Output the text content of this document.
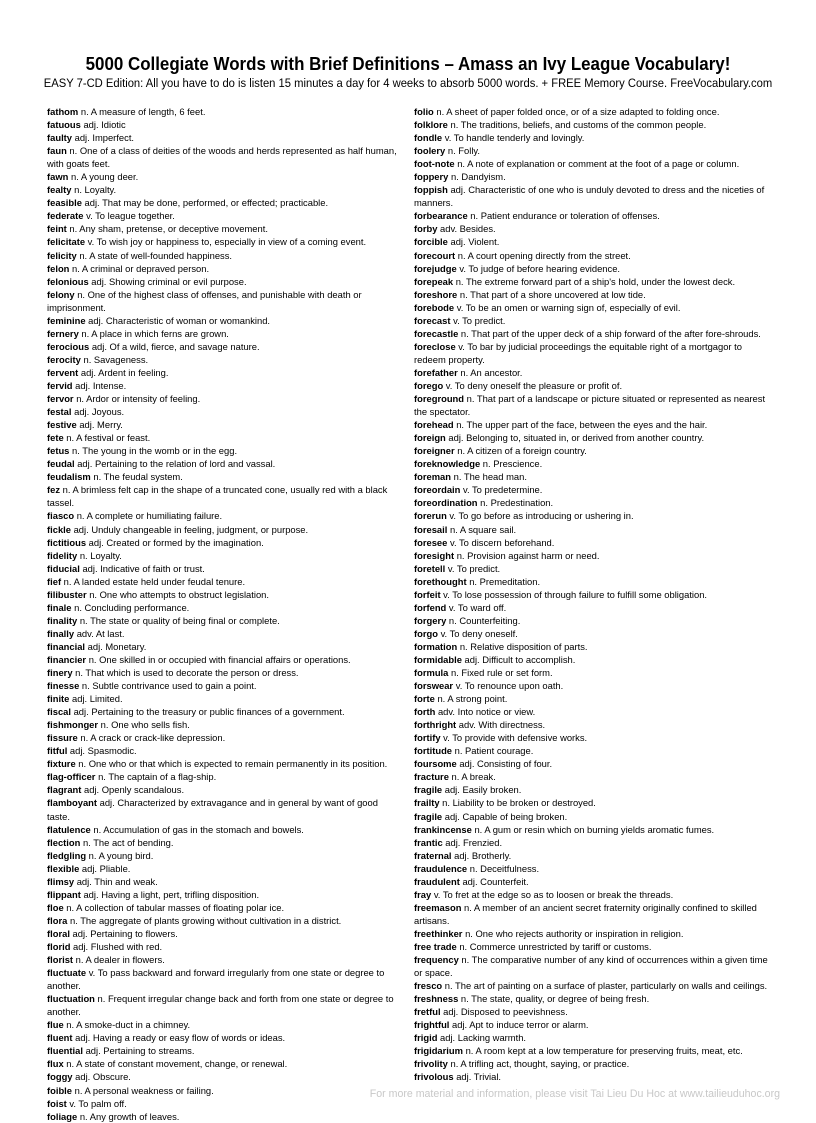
5000 Collegiate Words with Brief Definitions – Amass an Ivy League Vocabulary!
EASY 7-CD Edition: All you have to do is listen 15 minutes a day for 4 weeks to absorb 5000 words. + FREE Memory Course. FreeVocabulary.com
fathom n. A measure of length, 6 feet.
fatuous adj. Idiotic
faulty adj. Imperfect.
faun n. One of a class of deities of the woods and herds represented as half human, with goats feet.
fawn n. A young deer.
fealty n. Loyalty.
feasible adj. That may be done, performed, or effected; practicable.
federate v. To league together.
feint n. Any sham, pretense, or deceptive movement.
felicitate v. To wish joy or happiness to, especially in view of a coming event.
felicity n. A state of well-founded happiness.
felon n. A criminal or depraved person.
felonious adj. Showing criminal or evil purpose.
felony n. One of the highest class of offenses, and punishable with death or imprisonment.
feminine adj. Characteristic of woman or womankind.
fernery n. A place in which ferns are grown.
ferocious adj. Of a wild, fierce, and savage nature.
ferocity n. Savageness.
fervent adj. Ardent in feeling.
fervid adj. Intense.
fervor n. Ardor or intensity of feeling.
festal adj. Joyous.
festive adj. Merry.
fete n. A festival or feast.
fetus n. The young in the womb or in the egg.
feudal adj. Pertaining to the relation of lord and vassal.
feudalism n. The feudal system.
fez n. A brimless felt cap in the shape of a truncated cone, usually red with a black tassel.
fiasco n. A complete or humiliating failure.
fickle adj. Unduly changeable in feeling, judgment, or purpose.
fictitious adj. Created or formed by the imagination.
fidelity n. Loyalty.
fiducial adj. Indicative of faith or trust.
fief n. A landed estate held under feudal tenure.
filibuster n. One who attempts to obstruct legislation.
finale n. Concluding performance.
finality n. The state or quality of being final or complete.
finally adv. At last.
financial adj. Monetary.
financier n. One skilled in or occupied with financial affairs or operations.
finery n. That which is used to decorate the person or dress.
finesse n. Subtle contrivance used to gain a point.
finite adj. Limited.
fiscal adj. Pertaining to the treasury or public finances of a government.
fishmonger n. One who sells fish.
fissure n. A crack or crack-like depression.
fitful adj. Spasmodic.
fixture n. One who or that which is expected to remain permanently in its position.
flag-officer n. The captain of a flag-ship.
flagrant adj. Openly scandalous.
flamboyant adj. Characterized by extravagance and in general by want of good taste.
flatulence n. Accumulation of gas in the stomach and bowels.
flection n. The act of bending.
fledgling n. A young bird.
flexible adj. Pliable.
flimsy adj. Thin and weak.
flippant adj. Having a light, pert, trifling disposition.
floe n. A collection of tabular masses of floating polar ice.
flora n. The aggregate of plants growing without cultivation in a district.
floral adj. Pertaining to flowers.
florid adj. Flushed with red.
florist n. A dealer in flowers.
fluctuate v. To pass backward and forward irregularly from one state or degree to another.
fluctuation n. Frequent irregular change back and forth from one state or degree to another.
flue n. A smoke-duct in a chimney.
fluent adj. Having a ready or easy flow of words or ideas.
fluential adj. Pertaining to streams.
flux n. A state of constant movement, change, or renewal.
foggy adj. Obscure.
foible n. A personal weakness or failing.
foist v. To palm off.
foliage n. Any growth of leaves.
folio n. A sheet of paper folded once, or of a size adapted to folding once.
folklore n. The traditions, beliefs, and customs of the common people.
fondle v. To handle tenderly and lovingly.
foolery n. Folly.
foot-note n. A note of explanation or comment at the foot of a page or column.
foppery n. Dandyism.
foppish adj. Characteristic of one who is unduly devoted to dress and the niceties of manners.
forbearance n. Patient endurance or toleration of offenses.
forby adv. Besides.
forcible adj. Violent.
forecourt n. A court opening directly from the street.
forejudge v. To judge of before hearing evidence.
forepeak n. The extreme forward part of a ship's hold, under the lowest deck.
foreshore n. That part of a shore uncovered at low tide.
forebode v. To be an omen or warning sign of, especially of evil.
forecast v. To predict.
forecastle n. That part of the upper deck of a ship forward of the after fore-shrouds.
foreclose v. To bar by judicial proceedings the equitable right of a mortgagor to redeem property.
forefather n. An ancestor.
forego v. To deny oneself the pleasure or profit of.
foreground n. That part of a landscape or picture situated or represented as nearest the spectator.
forehead n. The upper part of the face, between the eyes and the hair.
foreign adj. Belonging to, situated in, or derived from another country.
foreigner n. A citizen of a foreign country.
foreknowledge n. Prescience.
foreman n. The head man.
foreordain v. To predetermine.
foreordination n. Predestination.
forerun v. To go before as introducing or ushering in.
foresail n. A square sail.
foresee v. To discern beforehand.
foresight n. Provision against harm or need.
foretell v. To predict.
forethought n. Premeditation.
forfeit v. To lose possession of through failure to fulfill some obligation.
forfend v. To ward off.
forgery n. Counterfeiting.
forgo v. To deny oneself.
formation n. Relative disposition of parts.
formidable adj. Difficult to accomplish.
formula n. Fixed rule or set form.
forswear v. To renounce upon oath.
forte n. A strong point.
forth adv. Into notice or view.
forthright adv. With directness.
fortify v. To provide with defensive works.
fortitude n. Patient courage.
foursome adj. Consisting of four.
fracture n. A break.
fragile adj. Easily broken.
frailty n. Liability to be broken or destroyed.
fragile adj. Capable of being broken.
frankincense n. A gum or resin which on burning yields aromatic fumes.
frantic adj. Frenzied.
fraternal adj. Brotherly.
fraudulence n. Deceitfulness.
fraudulent adj. Counterfeit.
fray v. To fret at the edge so as to loosen or break the threads.
freemason n. A member of an ancient secret fraternity originally confined to skilled artisans.
freethinker n. One who rejects authority or inspiration in religion.
free trade n. Commerce unrestricted by tariff or customs.
frequency n. The comparative number of any kind of occurrences within a given time or space.
fresco n. The art of painting on a surface of plaster, particularly on walls and ceilings.
freshness n. The state, quality, or degree of being fresh.
fretful adj. Disposed to peevishness.
frightful adj. Apt to induce terror or alarm.
frigid adj. Lacking warmth.
frigidarium n. A room kept at a low temperature for preserving fruits, meat, etc.
frivolity n. A trifling act, thought, saying, or practice.
frivolous adj. Trivial.
For more material and information, please visit Tai Lieu Du Hoc at www.tailieuduhoc.org
